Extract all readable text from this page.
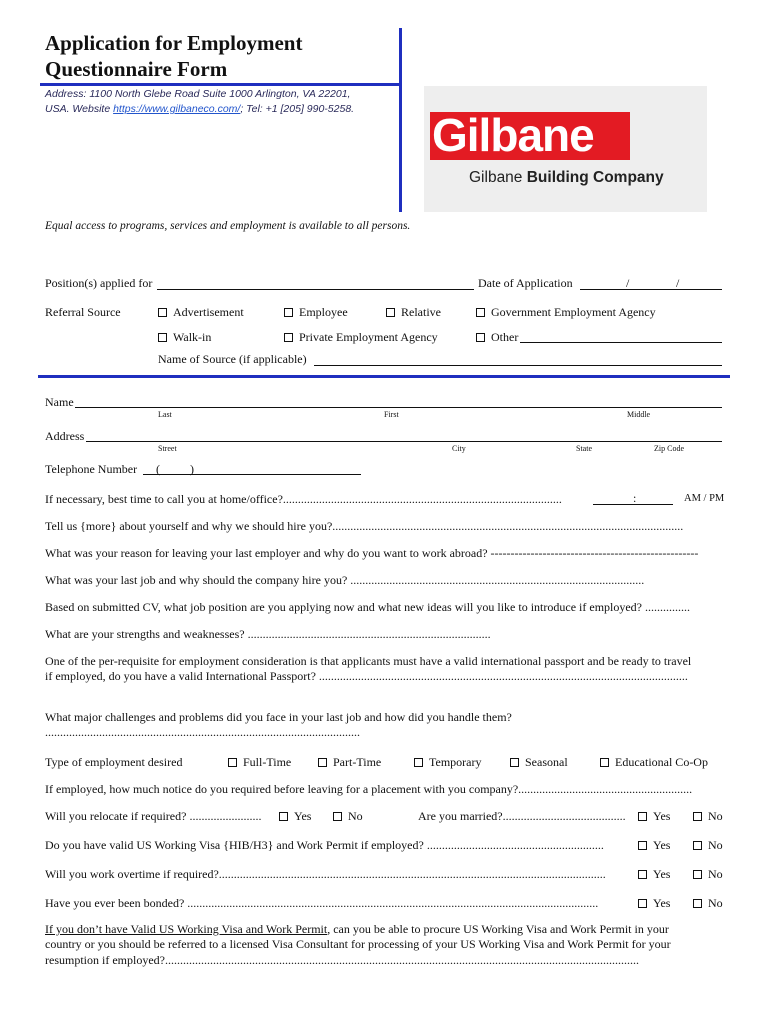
Application for Employment
Questionnaire Form
Address: 1100 North Glebe Road Suite 1000 Arlington, VA 22201,
USA. Website https://www.gilbaneco.com/; Tel: +1 [205] 990-5258. Gilbane
Gilbane Building Company
Equal access to programs, services and employment is available to all persons.
Position(s) applied for	Date of Application	/	/
Referral Source	Advertisement	Employee	Relative	Government Employment Agency
Walk-in	Private Employment Agency	Other
Name of Source (if applicable)
Name
Last	First	Middle
Address
Street	City	State	Zip Code
Telephone Number (          )
If necessary, best time to call you at home/office?.............................................................................................	:	AM / PM
Tell us {more} about yourself and why we should hire you?.....................................................................................................................
What was your reason for leaving your last employer and why do you want to work abroad? ----------------------------------------------------
What was your last job and why should the company hire you? ..................................................................................................
Based on submitted CV, what job position are you applying now and what new ideas will you like to introduce if employed? ...............
What are your strengths and weaknesses? .................................................................................
One of the per-requisite for employment consideration is that applicants must have a valid international passport and be ready to travel
if employed, do you have a valid International Passport? ...........................................................................................................................
What major challenges and problems did you face in your last job and how did you handle them?
.........................................................................................................
Type of employment desired	Full-Time	Part-Time	Temporary	Seasonal	Educational Co-Op
If employed, how much notice do you required before leaving for a placement with you company?..........................................................
Will you relocate if required? ........................	Yes	No	Are you married?.........................................	Yes	No
Do you have valid US Working Visa {HIB/H3} and Work Permit if employed? ...........................................................	Yes	No
Will you work overtime if required?.................................................................................................................................	Yes	No
Have you ever been bonded? .........................................................................................................................................	Yes	No
If you don’t have Valid US Working Visa and Work Permit, can you be able to procure US Working Visa and Work Permit in your
country or you should be referred to a licensed Visa Consultant for processing of your US Working Visa and Work Permit for your
resumption if employed?..............................................................................................................................................................
